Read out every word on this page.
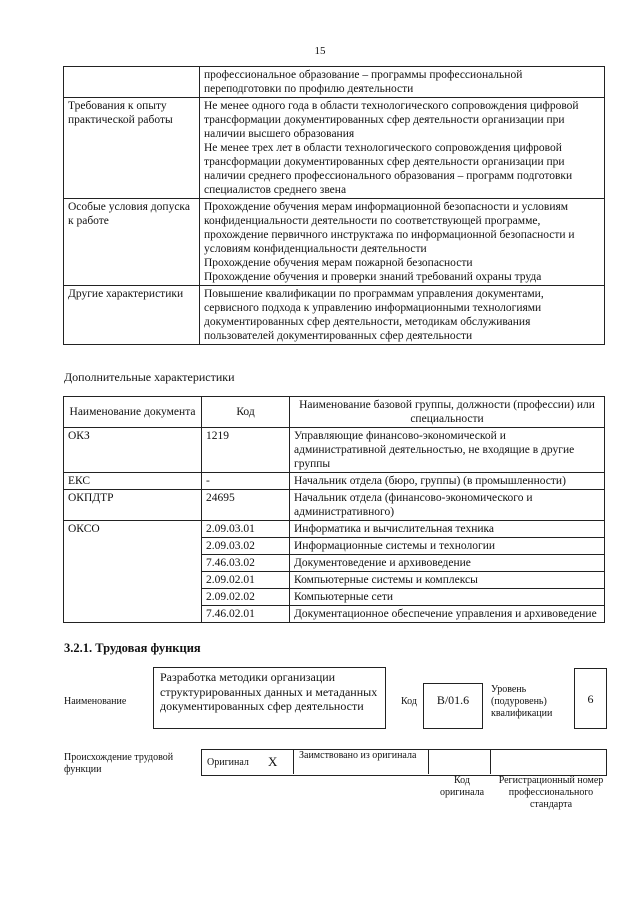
15
	профессиональное образование – программы профессиональной переподготовки по профилю деятельности
Требования к опыту практической работы	Не менее одного года в области технологического сопровождения цифровой трансформации документированных сфер деятельности организации при наличии высшего образования
Не менее трех лет в области технологического сопровождения цифровой трансформации документированных сфер деятельности организации при наличии среднего профессионального образования – программ подготовки специалистов среднего звена
Особые условия допуска к работе	Прохождение обучения мерам информационной безопасности и условиям конфиденциальности деятельности по соответствующей программе, прохождение первичного инструктажа по информационной безопасности и условиям конфиденциальности деятельности
Прохождение обучения мерам пожарной безопасности
Прохождение обучения и проверки знаний требований охраны труда
Другие характеристики	Повышение квалификации по программам управления документами, сервисного подхода к управлению информационными технологиями документированных сфер деятельности, методикам обслуживания пользователей документированных сфер деятельности
Дополнительные характеристики
Наименование документа	Код	Наименование базовой группы, должности (профессии) или специальности
ОКЗ	1219	Управляющие финансово-экономической и административной деятельностью, не входящие в другие группы
ЕКС	-	Начальник отдела (бюро, группы) (в промышленности)
ОКПДТР	24695	Начальник отдела (финансово-экономического и административного)
ОКСО	2.09.03.01	Информатика и вычислительная техника
	2.09.03.02	Информационные системы и технологии
	7.46.03.02	Документоведение и архивоведение
	2.09.02.01	Компьютерные системы и комплексы
	2.09.02.02	Компьютерные сети
	7.46.02.01	Документационное обеспечение управления и архивоведение
3.2.1. Трудовая функция
Наименование
Разработка методики организации структурированных данных и метаданных документированных сфер деятельности	Код	В/01.6
Уровень (подуровень) квалификации
6
Происхождение трудовой функции
Оригинал X Заимствовано из оригинала
Код оригинала
Регистрационный номер профессионального стандарта
